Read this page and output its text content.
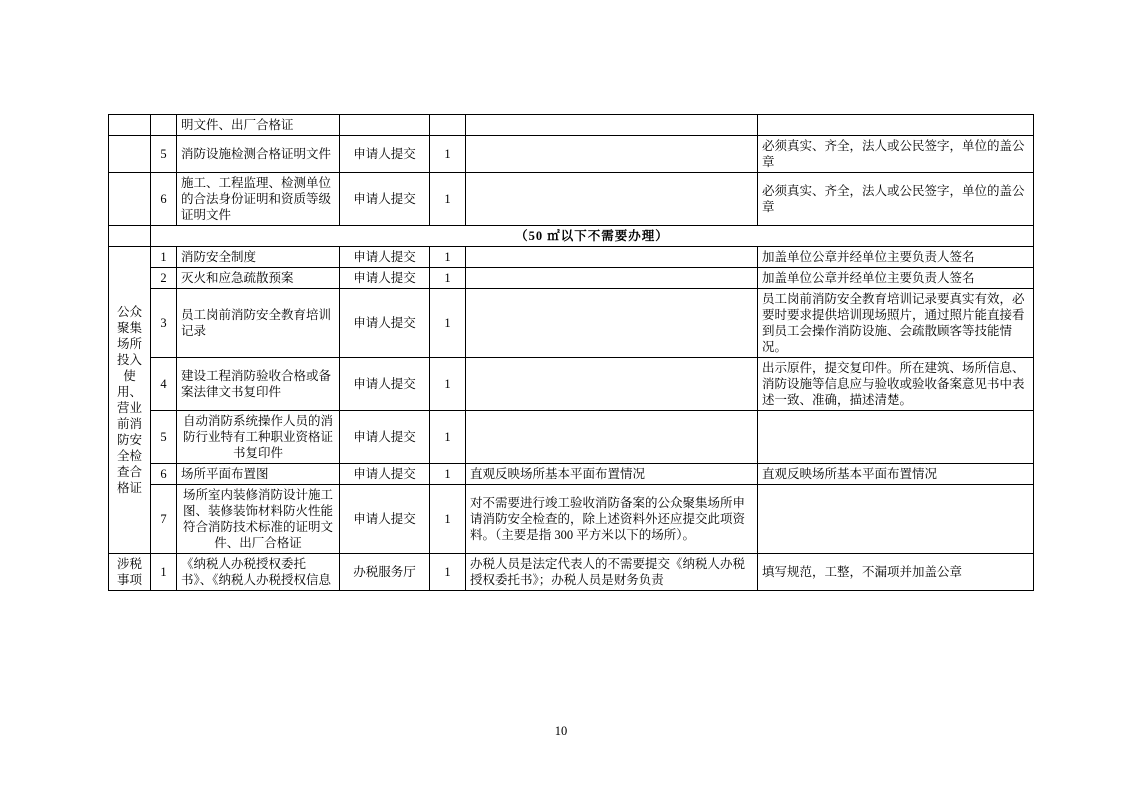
		明文件、出厂合格证				
	5	消防设施检测合格证明文件	申请人提交	1		必须真实、齐全，法人或公民签字，单位的盖公章
	6	施工、工程监理、检测单位的合法身份证明和资质等级证明文件	申请人提交	1		必须真实、齐全，法人或公民签字，单位的盖公章
	（50 ㎡以下不需要办理）					
公众聚集场所投入使用、营业前消防安全检查合格证	1	消防安全制度	申请人提交	1		加盖单位公章并经单位主要负责人签名
	2	灭火和应急疏散预案	申请人提交	1		加盖单位公章并经单位主要负责人签名
	3	员工岗前消防安全教育培训记录	申请人提交	1		员工岗前消防安全教育培训记录要真实有效，必要时要求提供培训现场照片，通过照片能直接看到员工会操作消防设施、会疏散顾客等技能情况。
	4	建设工程消防验收合格或备案法律文书复印件	申请人提交	1		出示原件，提交复印件。所在建筑、场所信息、消防设施等信息应与验收或验收备案意见书中表述一致、准确，描述清楚。
	5	自动消防系统操作人员的消防行业特有工种职业资格证书复印件	申请人提交	1		
	6	场所平面布置图	申请人提交	1	直观反映场所基本平面布置情况	直观反映场所基本平面布置情况
	7	场所室内装修消防设计施工图、装修装饰材料防火性能符合消防技术标准的证明文件、出厂合格证	申请人提交	1	对不需要进行竣工验收消防备案的公众聚集场所申请消防安全检查的，除上述资料外还应提交此项资料。（主要是指 300 平方米以下的场所）。	
涉税事项	1	《纳税人办税授权委托书》、《纳税人办税授权信息	办税服务厅	1	办税人员是法定代表人的不需要提交《纳税人办税授权委托书》；办税人员是财务负责	填写规范，工整，不漏项并加盖公章
10
